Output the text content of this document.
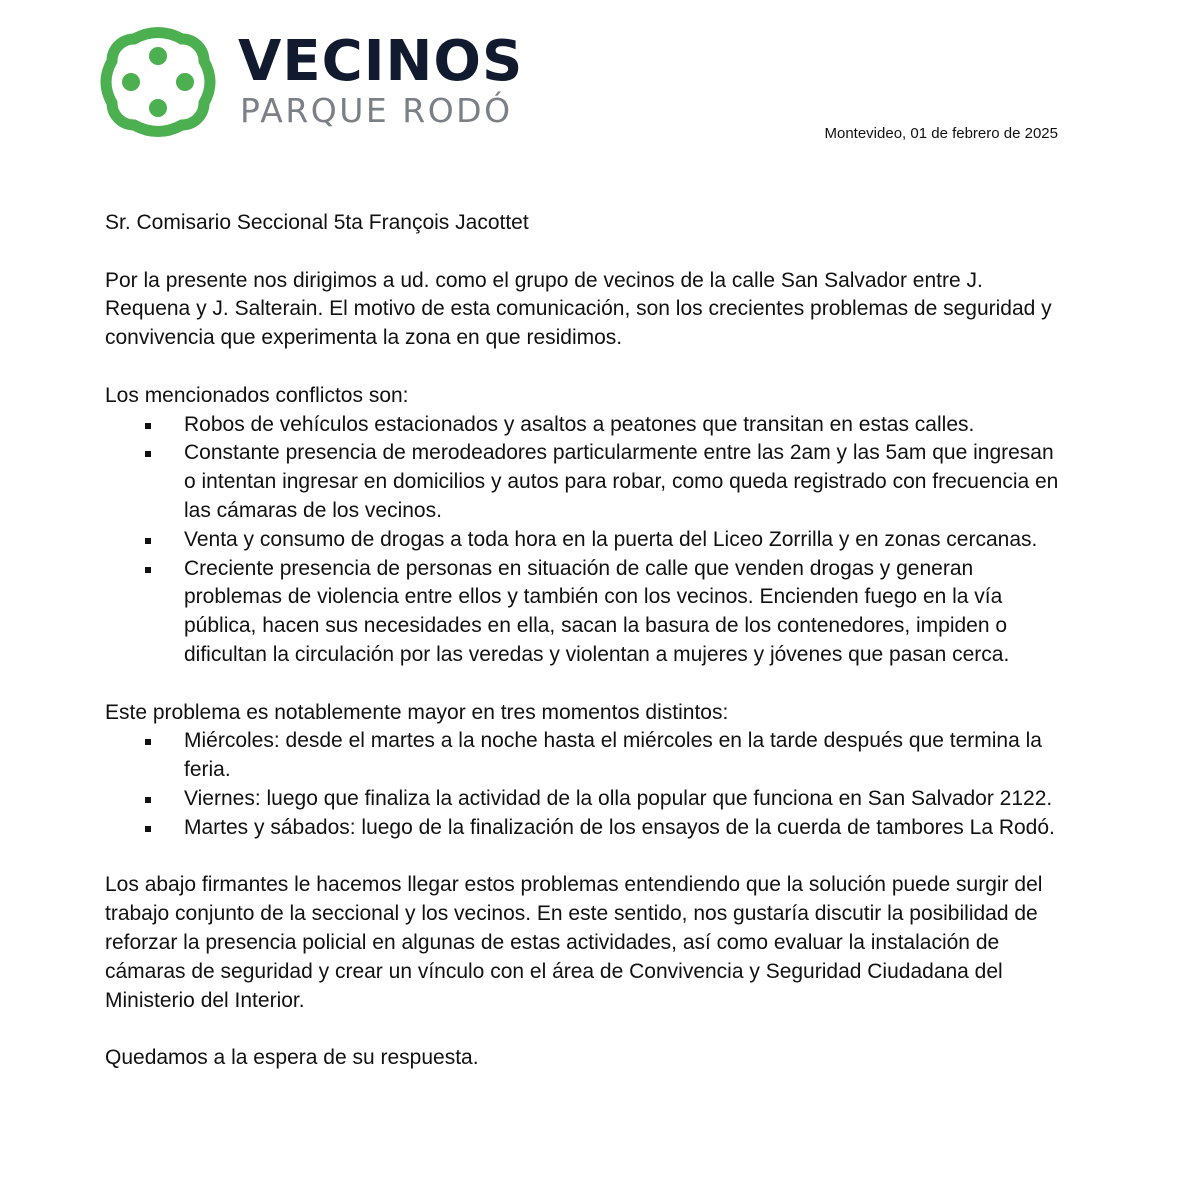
VECINOS
PARQUE RODÓ
Montevideo, 01 de febrero de 2025

Sr. Comisario Seccional 5ta François Jacottet

Por la presente nos dirigimos a ud. como el grupo de vecinos de la calle San Salvador entre J. Requena y J. Salterain. El motivo de esta comunicación, son los crecientes problemas de seguridad y convivencia que experimenta la zona en que residimos.

Los mencionados conflictos son:

Robos de vehículos estacionados y asaltos a peatones que transitan en estas calles.
Constante presencia de merodeadores particularmente entre las 2am y las 5am que ingresan o intentan ingresar en domicilios y autos para robar, como queda registrado con frecuencia en las cámaras de los vecinos.
Venta y consumo de drogas a toda hora en la puerta del Liceo Zorrilla y en zonas cercanas.
Creciente presencia de personas en situación de calle que venden drogas y generan problemas de violencia entre ellos y también con los vecinos. Encienden fuego en la vía pública, hacen sus necesidades en ella, sacan la basura de los contenedores, impiden o dificultan la circulación por las veredas y violentan a mujeres y jóvenes que pasan cerca.

Este problema es notablemente mayor en tres momentos distintos:

Miércoles: desde el martes a la noche hasta el miércoles en la tarde después que termina la feria.
Viernes: luego que finaliza la actividad de la olla popular que funciona en San Salvador 2122.
Martes y sábados: luego de la finalización de los ensayos de la cuerda de tambores La Rodó.

Los abajo firmantes le hacemos llegar estos problemas entendiendo que la solución puede surgir del trabajo conjunto de la seccional y los vecinos. En este sentido, nos gustaría discutir la posibilidad de reforzar la presencia policial en algunas de estas actividades, así como evaluar la instalación de cámaras de seguridad y crear un vínculo con el área de Convivencia y Seguridad Ciudadana del Ministerio del Interior.

Quedamos a la espera de su respuesta.
